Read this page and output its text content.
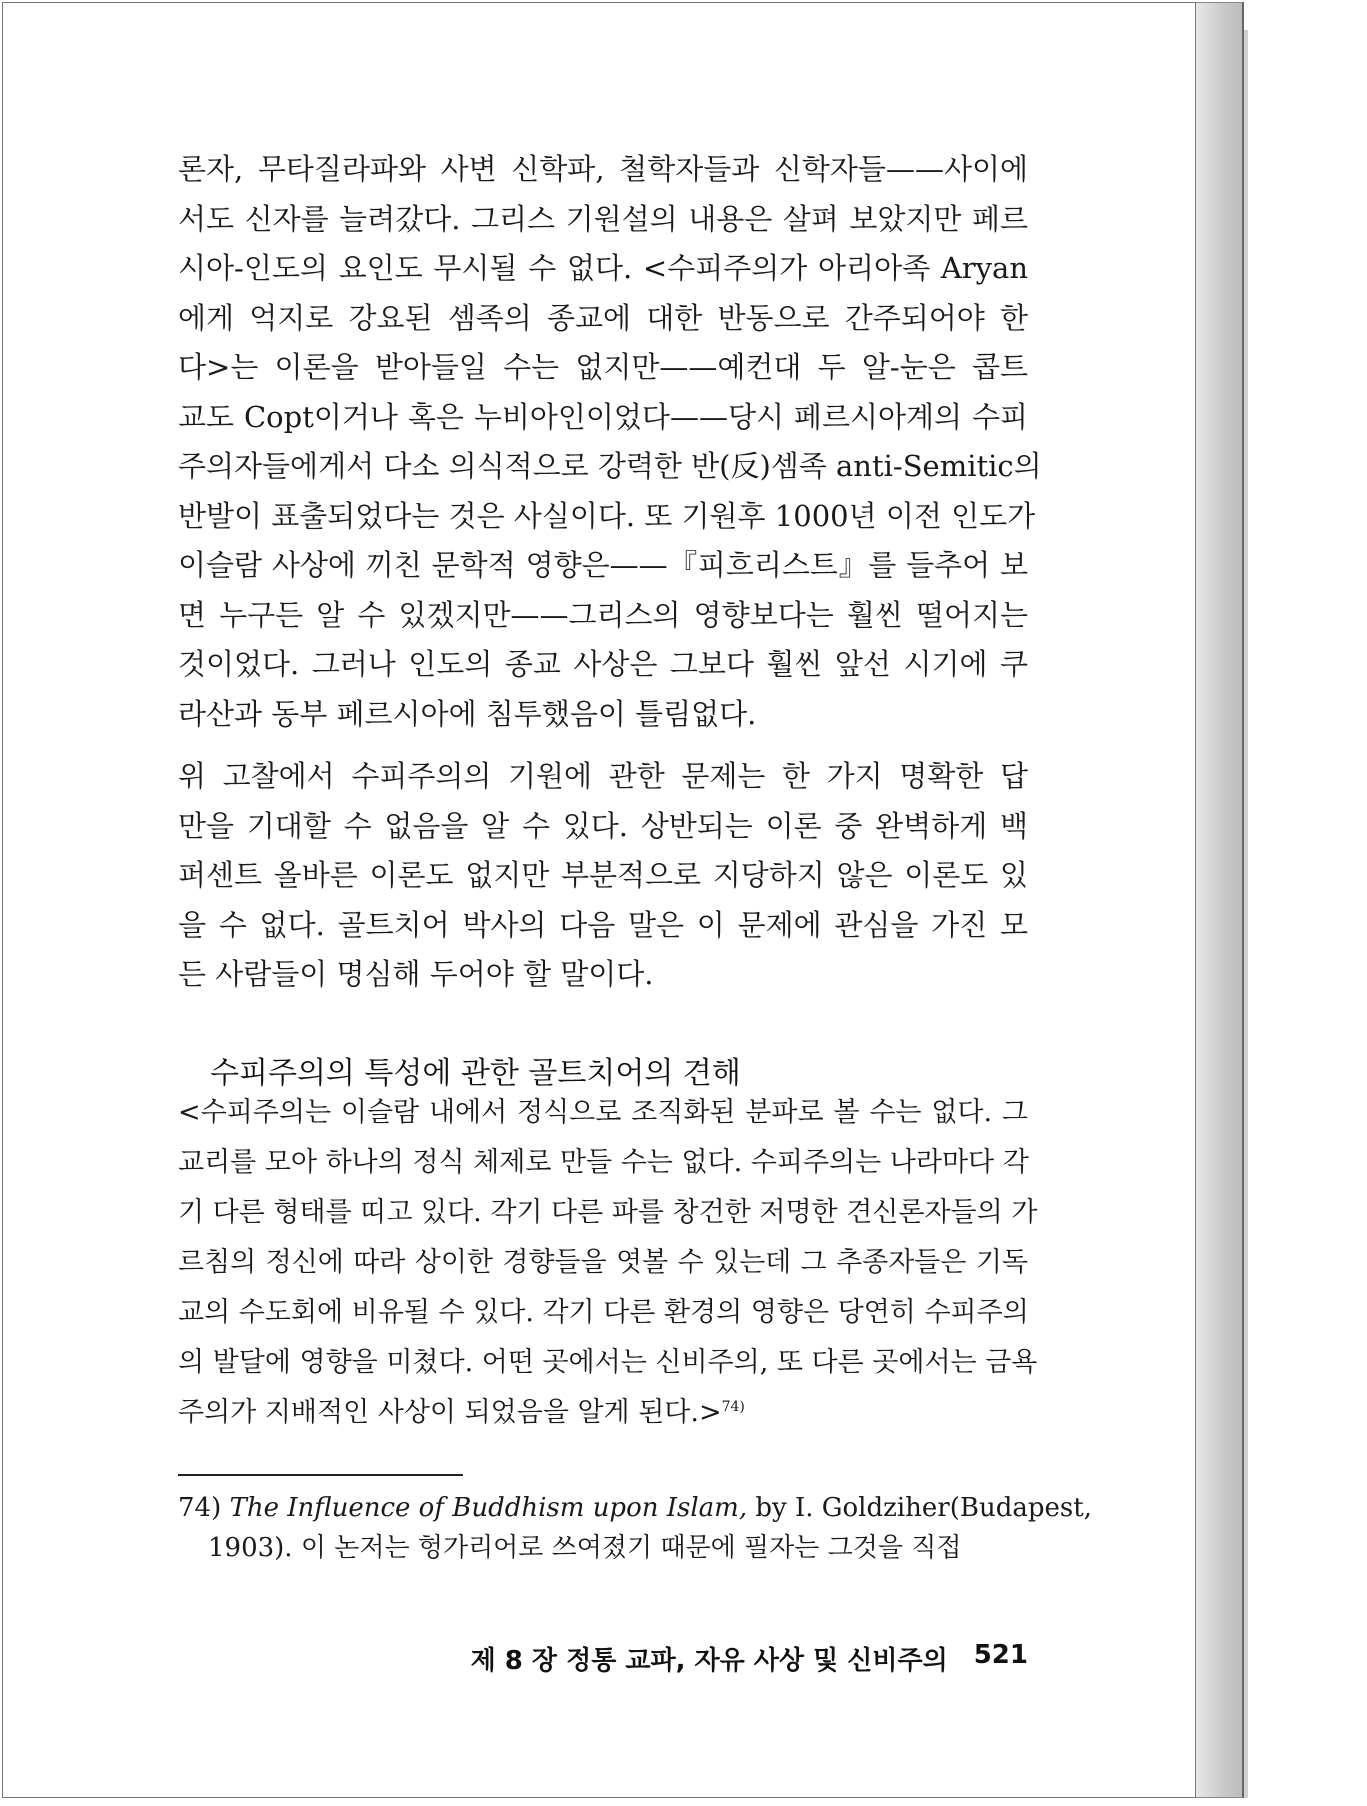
론자, 무타질라파와 사변 신학파, 철학자들과 신학자들——사이에
서도 신자를 늘려갔다. 그리스 기원설의 내용은 살펴 보았지만 페르
시아-인도의 요인도 무시될 수 없다. <수피주의가 아리아족 Aryan
에게 억지로 강요된 셈족의 종교에 대한 반동으로 간주되어야 한
다>는 이론을 받아들일 수는 없지만——예컨대 두 알-눈은 콥트
교도 Copt이거나 혹은 누비아인이었다——당시 페르시아계의 수피
주의자들에게서 다소 의식적으로 강력한 반(反)셈족 anti-Semitic의
반발이 표출되었다는 것은 사실이다. 또 기원후 1000년 이전 인도가
이슬람 사상에 끼친 문학적 영향은——『피흐리스트』를 들추어 보
면 누구든 알 수 있겠지만——그리스의 영향보다는 훨씬 떨어지는
것이었다. 그러나 인도의 종교 사상은 그보다 훨씬 앞선 시기에 쿠
라산과 동부 페르시아에 침투했음이 틀림없다.
위 고찰에서 수피주의의 기원에 관한 문제는 한 가지 명확한 답
만을 기대할 수 없음을 알 수 있다. 상반되는 이론 중 완벽하게 백
퍼센트 올바른 이론도 없지만 부분적으로 지당하지 않은 이론도 있
을 수 없다. 골트치어 박사의 다음 말은 이 문제에 관심을 가진 모
든 사람들이 명심해 두어야 할 말이다.
수피주의의 특성에 관한 골트치어의 견해
<수피주의는 이슬람 내에서 정식으로 조직화된 분파로 볼 수는 없다. 그
교리를 모아 하나의 정식 체제로 만들 수는 없다. 수피주의는 나라마다 각
기 다른 형태를 띠고 있다. 각기 다른 파를 창건한 저명한 견신론자들의 가
르침의 정신에 따라 상이한 경향들을 엿볼 수 있는데 그 추종자들은 기독
교의 수도회에 비유될 수 있다. 각기 다른 환경의 영향은 당연히 수피주의
의 발달에 영향을 미쳤다. 어떤 곳에서는 신비주의, 또 다른 곳에서는 금욕
주의가 지배적인 사상이 되었음을 알게 된다.>$^{74)}$
74) The Influence of Buddhism upon Islam, by I. Goldziher(Budapest,
1903). 이 논저는 헝가리어로 쓰여졌기 때문에 필자는 그것을 직접
제 8 장 정통 교파, 자유 사상 및 신비주의 521
